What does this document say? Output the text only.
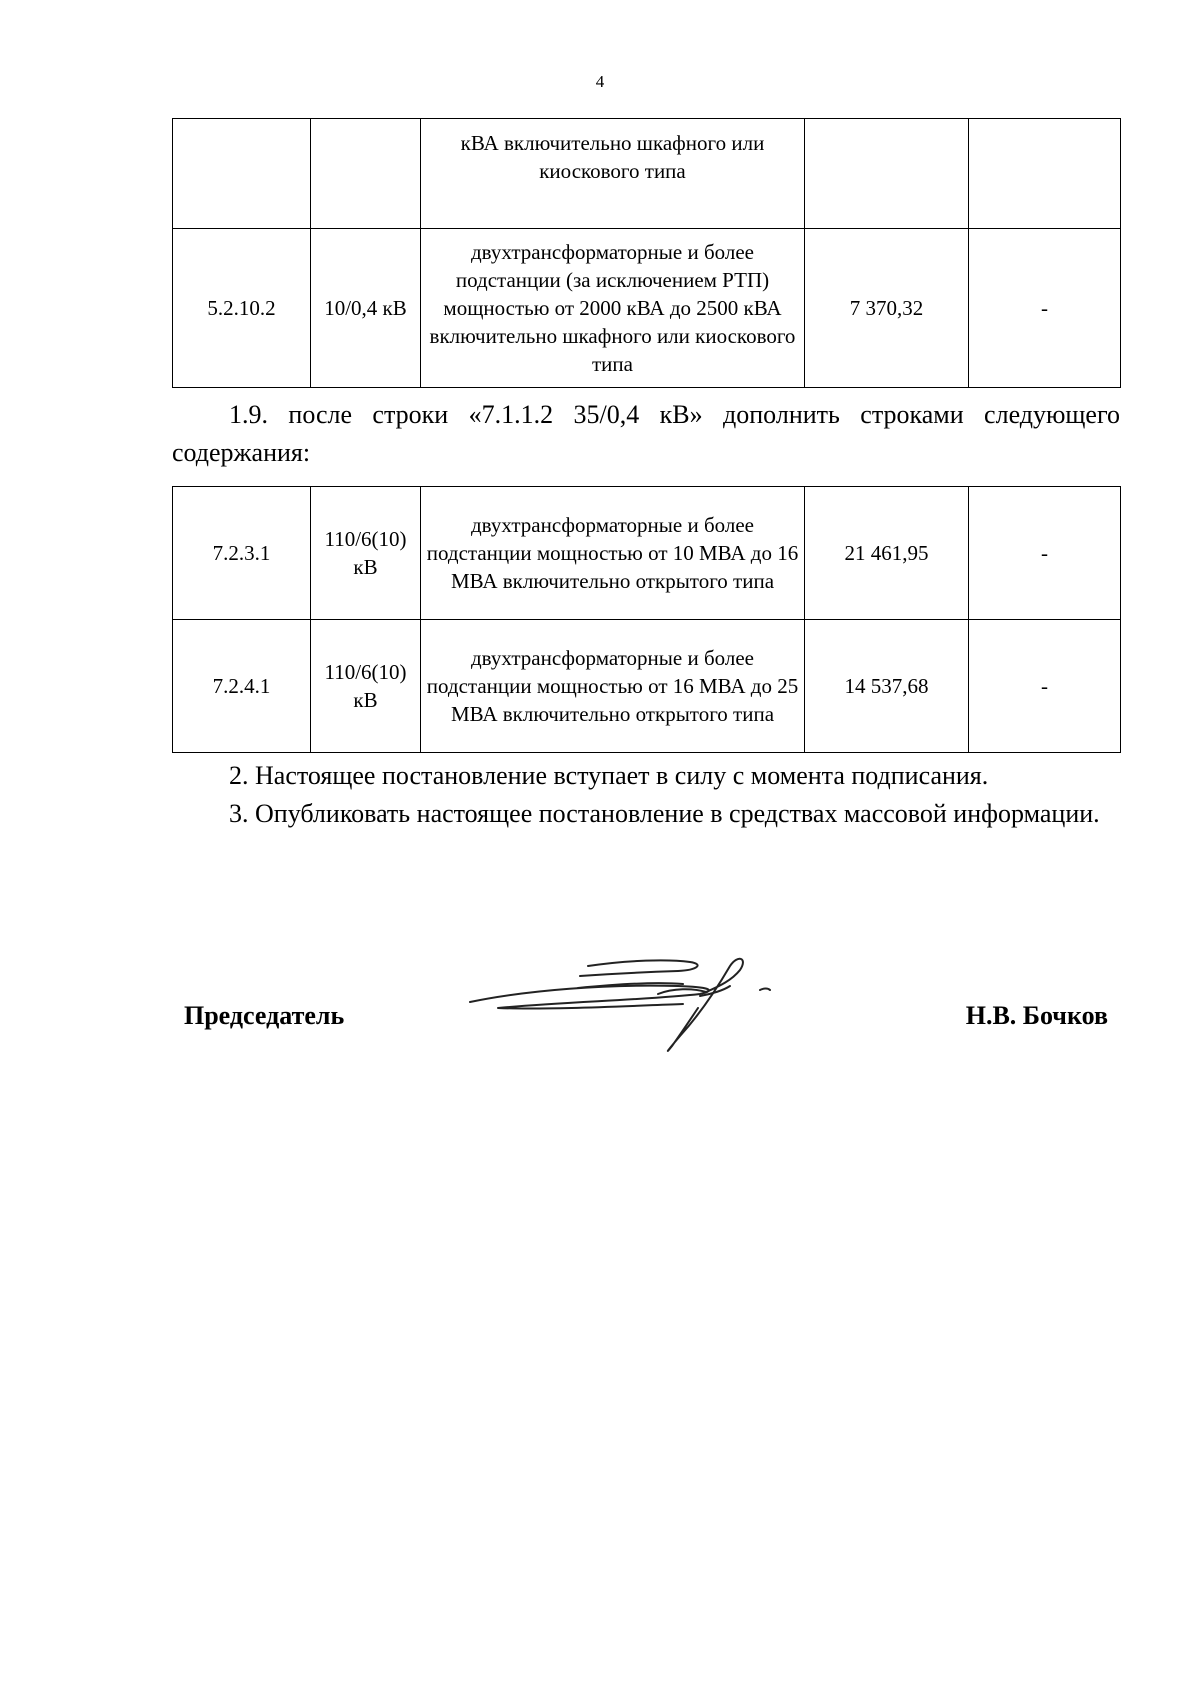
4
		кВА включительно шкафного или киоскового типа		
5.2.10.2	10/0,4 кВ	двухтрансформаторные и более подстанции (за исключением РТП) мощностью от 2000 кВА до 2500 кВА включительно шкафного или киоскового типа	7 370,32	-

1.9. после строки «7.1.1.2 35/0,4 кВ» дополнить строками следующего содержания:

7.2.3.1	110/6(10) кВ	двухтрансформаторные и более подстанции мощностью от 10 МВА до 16 МВА включительно открытого типа	21 461,95	-
7.2.4.1	110/6(10) кВ	двухтрансформаторные и более подстанции мощностью от 16 МВА до 25 МВА включительно открытого типа	14 537,68	-

2. Настоящее постановление вступает в силу с момента подписания.

3. Опубликовать настоящее постановление в средствах массовой информации.

Председатель	Н.В. Бочков
